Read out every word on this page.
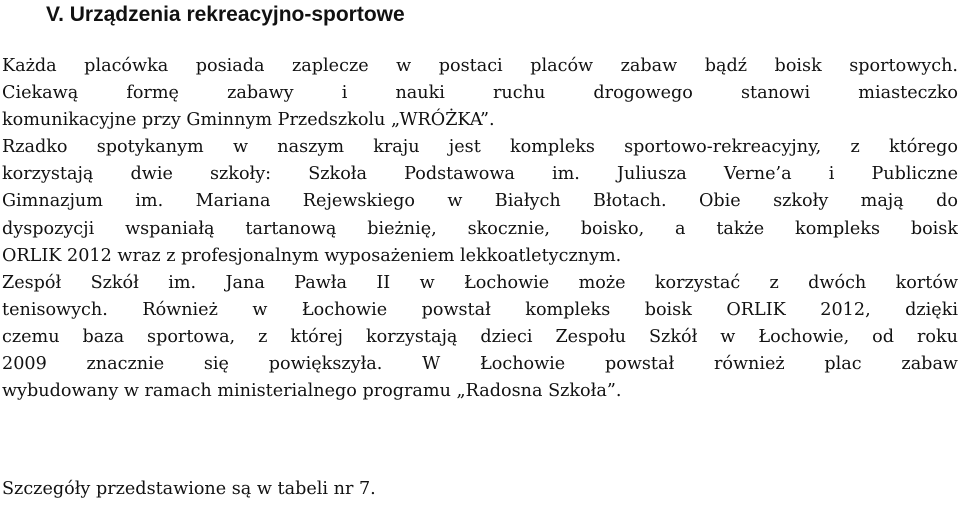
V. Urządzenia rekreacyjno-sportowe
Każda placówka posiada zaplecze w postaci placów zabaw bądź boisk sportowych.
Ciekawą formę zabawy i nauki ruchu drogowego stanowi miasteczko
komunikacyjne przy Gminnym Przedszkolu „WRÓŻKA”.
Rzadko spotykanym w naszym kraju jest kompleks sportowo-rekreacyjny, z którego
korzystają dwie szkoły: Szkoła Podstawowa im. Juliusza Verne’a i Publiczne
Gimnazjum im. Mariana Rejewskiego w Białych Błotach. Obie szkoły mają do
dyspozycji wspaniałą tartanową bieżnię, skocznie, boisko, a także kompleks boisk
ORLIK 2012 wraz z profesjonalnym wyposażeniem lekkoatletycznym.
Zespół Szkół im. Jana Pawła II w Łochowie może korzystać z dwóch kortów
tenisowych. Również w Łochowie powstał kompleks boisk ORLIK 2012, dzięki
czemu baza sportowa, z której korzystają dzieci Zespołu Szkół w Łochowie, od roku
2009 znacznie się powiększyła. W Łochowie powstał również plac zabaw
wybudowany w ramach ministerialnego programu „Radosna Szkoła”.

Szczegóły przedstawione są w tabeli nr 7.
